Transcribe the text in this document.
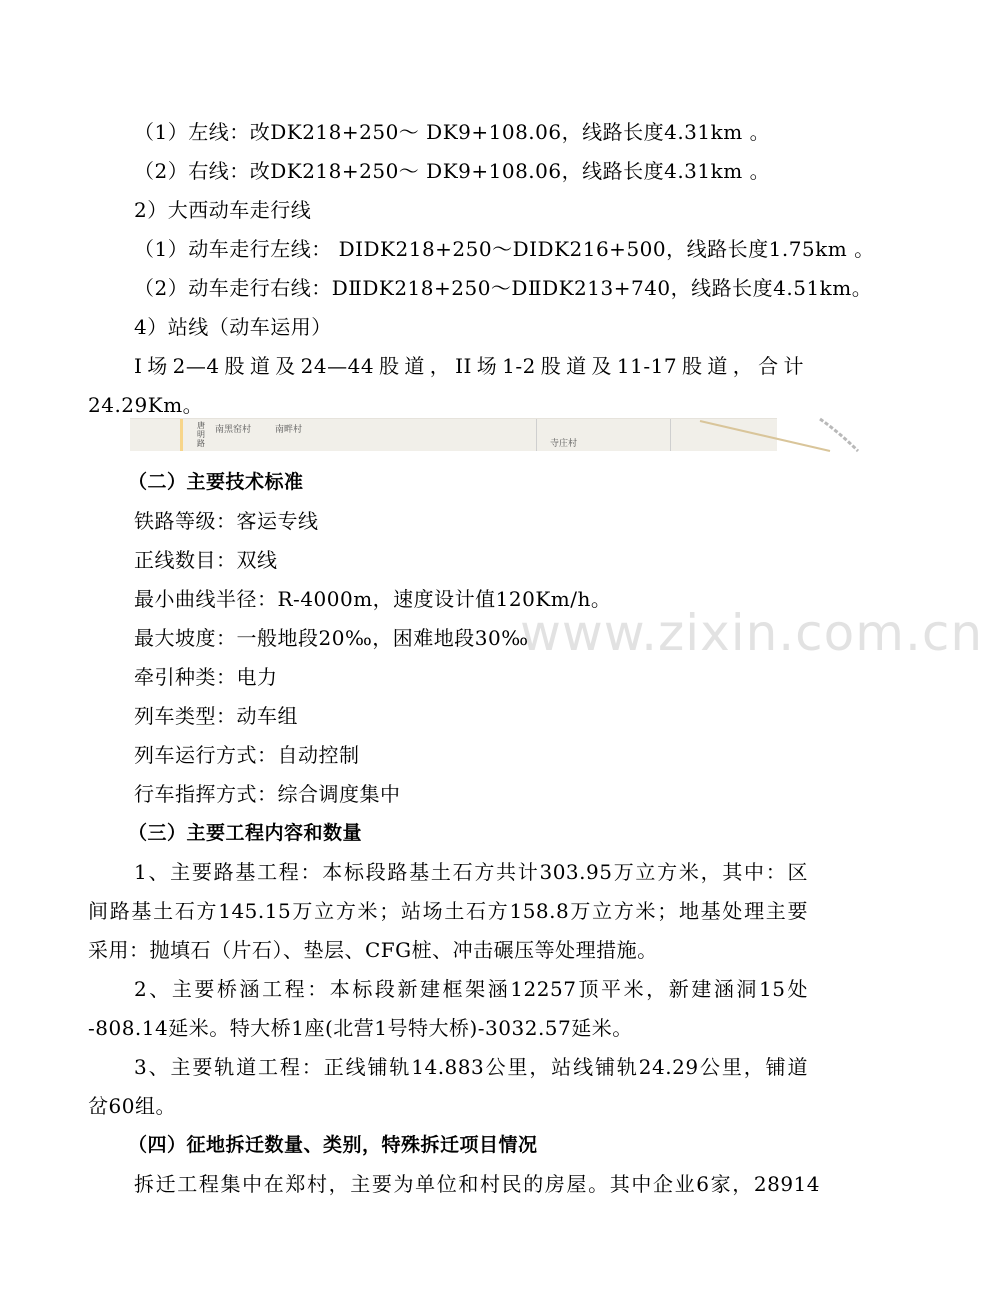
（1）左线：改DK218+250～ DK9+108.06，线路长度4.31km 。
（2）右线：改DK218+250～ DK9+108.06，线路长度4.31km 。
2）大西动车走行线
（1）动车走行左线： DIDK218+250～DIDK216+500，线路长度1.75km 。
（2）动车走行右线：DⅡDK218+250～DⅡDK213+740，线路长度4.51km。
4）站线（动车运用）
I场2—4股道及24—44股道，II场1-2股道及11-17股道，合计
24.29Km。
唐明路
南黑窑村	南畔村
寺庄村
（二）主要技术标准
铁路等级：客运专线
正线数目：双线
最小曲线半径：R-4000m，速度设计值120Km/h。
最大坡度：一般地段20‰，困难地段30‰
牵引种类：电力
列车类型：动车组
列车运行方式：自动控制
行车指挥方式：综合调度集中
（三）主要工程内容和数量
1、主要路基工程：本标段路基土石方共计303.95万立方米，其中：区
间路基土石方145.15万立方米；站场土石方158.8万立方米；地基处理主要
采用：抛填石（片石）、垫层、CFG桩、冲击碾压等处理措施。
2、主要桥涵工程：本标段新建框架涵12257顶平米，新建涵洞15处
-808.14延米。特大桥1座(北营1号特大桥)-3032.57延米。
3、主要轨道工程：正线铺轨14.883公里，站线铺轨24.29公里，铺道
岔60组。
（四）征地拆迁数量、类别，特殊拆迁项目情况
拆迁工程集中在郑村，主要为单位和村民的房屋。其中企业6家，28914
www.zixin.com.cn
